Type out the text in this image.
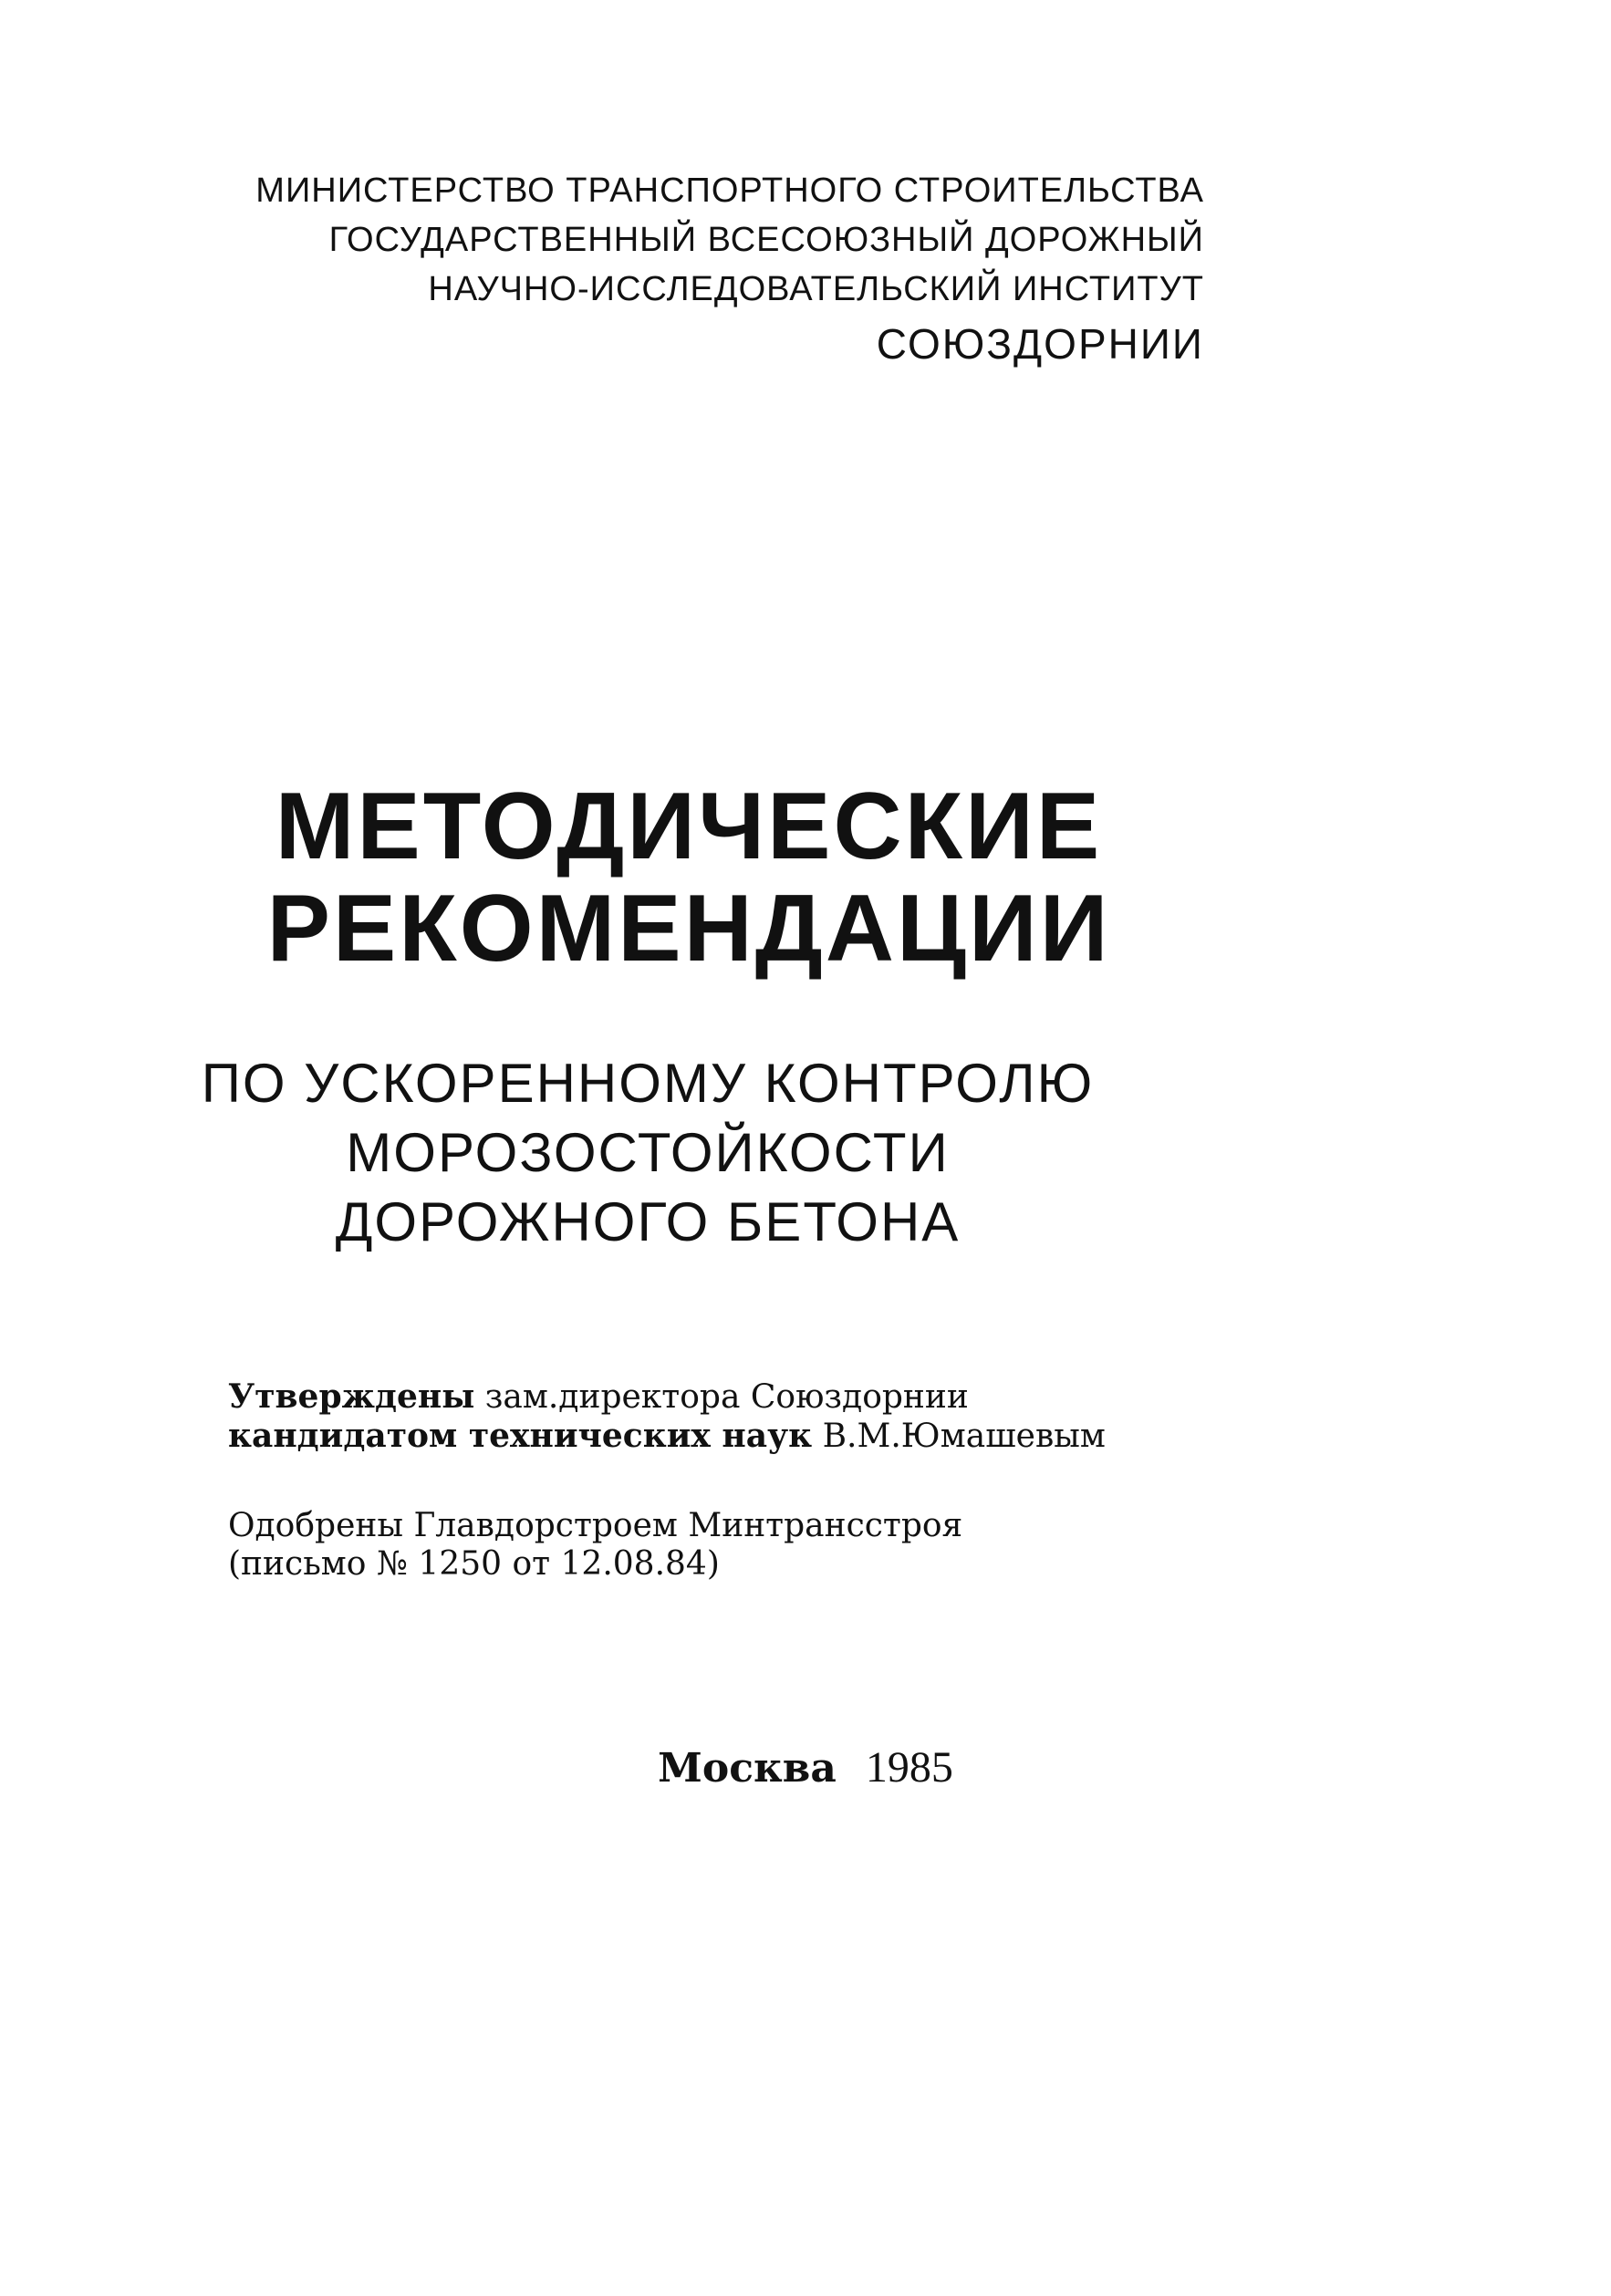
МИНИСТЕРСТВО ТРАНСПОРТНОГО СТРОИТЕЛЬСТВА
ГОСУДАРСТВЕННЫЙ ВСЕСОЮЗНЫЙ ДОРОЖНЫЙ
НАУЧНО-ИССЛЕДОВАТЕЛЬСКИЙ ИНСТИТУТ
СОЮЗДОРНИИ
МЕТОДИЧЕСКИЕ
РЕКОМЕНДАЦИИ
ПО УСКОРЕННОМУ КОНТРОЛЮ
МОРОЗОСТОЙКОСТИ
ДОРОЖНОГО БЕТОНА
Утверждены зам.директора Союздорнии
кандидатом технических наук В.М.Юмашевым
Одобрены Главдорстроем Минтрансстроя
(письмо № 1250 от 12.08.84)
Москва 1985
